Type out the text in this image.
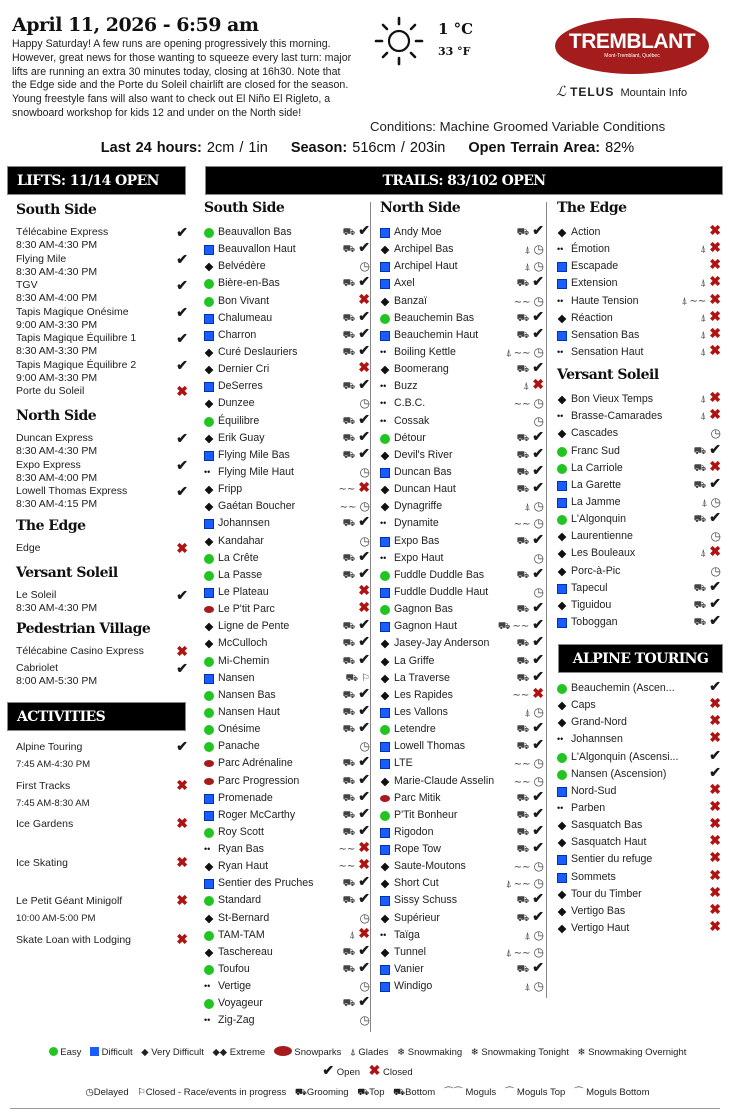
April 11, 2026 - 6:59 am
Happy Saturday! A few runs are opening progressively this morning. However, great news for those wanting to squeeze every last turn: major lifts are running an extra 30 minutes today, closing at 16h30. Note that the Edge side and the Porte du Soleil chairlift are closed for the season. Young freestyle fans will also want to check out El Niño El Rigleto, a snowboard workshop for kids 12 and under on the North side!
1 °C
33 °F	TREMBLANT
Mont-Tremblant, Québec
ℒ TELUS Mountain Info
Conditions: Machine Groomed Variable Conditions
Last 24 hours: 2cm / 1in Season: 516cm / 203in Open Terrain Area: 82%
LIFTS: 11/14 OPEN	TRAILS: 83/102 OPEN
ACTIVITIES
ALPINE TOURING
South Side
Télécabine Express
8:30 AM-4:30 PM
✔
Flying Mile
8:30 AM-4:30 PM
✔
TGV
8:30 AM-4:00 PM
✔
Tapis Magique Onésime
9:00 AM-3:30 PM
✔
Tapis Magique Équilibre 1
8:30 AM-3:30 PM
✔
Tapis Magique Équilibre 2
9:00 AM-3:30 PM
✔
Porte du Soleil	✖
North Side
Duncan Express
8:30 AM-4:30 PM
✔
Expo Express
8:30 AM-4:00 PM
✔
Lowell Thomas Express
8:30 AM-4:15 PM
✔
The Edge
Edge	✖
Versant Soleil
Le Soleil
8:30 AM-4:30 PM
✔
Pedestrian Village
Télécabine Casino Express	✖
Cabriolet
8:00 AM-5:30 PM
✔
Alpine Touring
7:45 AM-4:30 PM
✔
First Tracks
7:45 AM-8:30 AM
✖
Ice Gardens	✖
Ice Skating	✖
Le Petit Géant Minigolf
10:00 AM-5:00 PM
✖
Skate Loan with Lodging	✖
South Side
Beauvallon Bas	⛟ ✔
Beauvallon Haut	⛟ ✔
Belvédère	◷
Bière-en-Bas	⛟ ✔
Bon Vivant	✖
Chalumeau	⛟ ✔
Charron	⛟ ✔
Curé Deslauriers	⛟ ✔
Dernier Cri	✖
DeSerres	⛟ ✔
Dunzee	◷
Équilibre	⛟ ✔
Erik Guay	⛟ ✔
Flying Mile Bas	⛟ ✔
•• Flying Mile Haut	◷
Fripp	∼∼ ✖
Gaétan Boucher	∼∼ ◷
Johannsen	⛟ ✔
Kandahar	◷
La Crête	⛟ ✔
La Passe	⛟ ✔
Le Plateau	✖
Le P'tit Parc	✖
Ligne de Pente	⛟ ✔
McCulloch	⛟ ✔
Mi-Chemin	⛟ ✔
Nansen	⛟ ⚐
Nansen Bas	⛟ ✔
Nansen Haut	⛟ ✔
Onésime	⛟ ✔
Panache	◷
Parc Adrénaline	⛟ ✔
Parc Progression	⛟ ✔
Promenade	⛟ ✔
Roger McCarthy	⛟ ✔
Roy Scott	⛟ ✔
•• Ryan Bas	∼∼ ✖
Ryan Haut	∼∼ ✖
Sentier des Pruches	⛟ ✔
Standard	⛟ ✔
St-Bernard	◷
TAM-TAM	⍋ ✖
Taschereau	⛟ ✔
Toufou	⛟ ✔
•• Vertige	◷
Voyageur	⛟ ✔
•• Zig-Zag	◷
North Side
Andy Moe	⛟ ✔
Archipel Bas	⍋ ◷
Archipel Haut	⍋ ◷
Axel	⛟ ✔
Banzaï	∼∼ ◷
Beauchemin Bas	⛟ ✔
Beauchemin Haut	⛟ ✔
•• Boiling Kettle	⍋ ∼∼ ◷
Boomerang	⛟ ✔
•• Buzz	⍋ ✖
•• C.B.C.	∼∼ ◷
•• Cossak	◷
Détour	⛟ ✔
Devil's River	⛟ ✔
Duncan Bas	⛟ ✔
Duncan Haut	⛟ ✔
Dynagriffe	⍋ ◷
•• Dynamite	∼∼ ◷
Expo Bas	⛟ ✔
•• Expo Haut	◷
Fuddle Duddle Bas	⛟ ✔
Fuddle Duddle Haut	◷
Gagnon Bas	⛟ ✔
Gagnon Haut	⛟ ∼∼ ✔
Jasey-Jay Anderson	⛟ ✔
La Griffe	⛟ ✔
La Traverse	⛟ ✔
Les Rapides	∼∼ ✖
Les Vallons	⍋ ◷
Letendre	⛟ ✔
Lowell Thomas	⛟ ✔
LTE	∼∼ ◷
Marie-Claude Asselin ∼∼ ◷
Parc Mitik	⛟ ✔
P'Tit Bonheur	⛟ ✔
Rigodon	⛟ ✔
Rope Tow	⛟ ✔
Saute-Moutons	∼∼ ◷
Short Cut	⍋ ∼∼ ◷
Sissy Schuss	⛟ ✔
Supérieur	⛟ ✔
•• Taïga	⍋ ◷
Tunnel	⍋ ∼∼ ◷
Vanier	⛟ ✔
Windigo	⍋ ◷
The Edge
Action	✖
•• Émotion	⍋ ✖
Escapade	✖
Extension	⍋ ✖
•• Haute Tension	⍋ ∼∼ ✖
Réaction	⍋ ✖
Sensation Bas	⍋ ✖
•• Sensation Haut	⍋ ✖
Versant Soleil
Bon Vieux Temps	⍋ ✖
•• Brasse-Camarades	⍋ ✖
Cascades	◷
Franc Sud	⛟ ✔
La Carriole	⛟ ✖
La Garette	⛟ ✔
La Jamme	⍋ ◷
L'Algonquin	⛟ ✔
Laurentienne	◷
Les Bouleaux	⍋ ✖
Porc-à-Pic	◷
Tapecul	⛟ ✔
Tiguidou	⛟ ✔
Toboggan	⛟ ✔
Beauchemin (Ascen... ✔
Caps	✖
Grand-Nord	✖
•• Johannsen	✖
L'Algonquin (Ascensi... ✔
Nansen (Ascension)	✔
Nord-Sud	✖
•• Parben	✖
Sasquatch Bas	✖
Sasquatch Haut	✖
Sentier du refuge	✖
Sommets	✖
Tour du Timber	✖
Vertigo Bas	✖
Vertigo Haut	✖
Easy Difficult ◆ Very Difficult ◆◆ Extreme	Snowparks ⍋ Glades ❄ Snowmaking ❄ Snowmaking Tonight ❄ Snowmaking Overnight
✔ Open ✖ Closed
◷Delayed ⚐Closed - Race/events in progress ⛟Grooming ⛟Top ⛟Bottom ⌒⌒ Moguls ⌒ Moguls Top ⌒ Moguls Bottom
